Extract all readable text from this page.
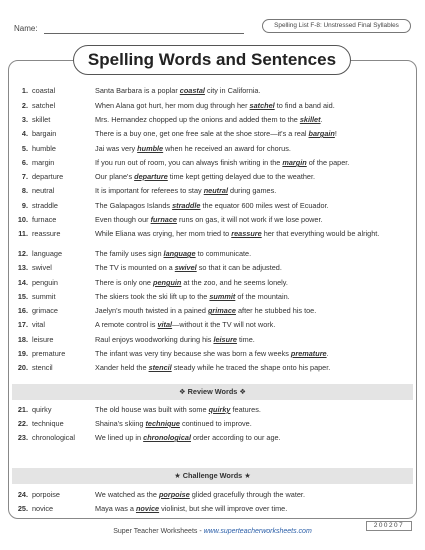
Name:	Spelling List F-8: Unstressed Final Syllables
Spelling Words and Sentences
1. coastal	Santa Barbara is a poplar coastal city in California.
2. satchel	When Alana got hurt, her mom dug through her satchel to find a band aid.
3. skillet	Mrs. Hernandez chopped up the onions and added them to the skillet.
4. bargain	There is a buy one, get one free sale at the shoe store—it's a real bargain!
5. humble	Jai was very humble when he received an award for chorus.
6. margin	If you run out of room, you can always finish writing in the margin of the paper.
7. departure	Our plane's departure time kept getting delayed due to the weather.
8. neutral	It is important for referees to stay neutral during games.
9. straddle	The Galapagos Islands straddle the equator 600 miles west of Ecuador.
10. furnace	Even though our furnace runs on gas, it will not work if we lose power.
11. reassure	While Eliana was crying, her mom tried to reassure her that everything would be alright.
12. language	The family uses sign language to communicate.
13. swivel	The TV is mounted on a swivel so that it can be adjusted.
14. penguin	There is only one penguin at the zoo, and he seems lonely.
15. summit	The skiers took the ski lift up to the summit of the mountain.
16. grimace	Jaelyn's mouth twisted in a pained grimace after he stubbed his toe.
17. vital	A remote control is vital—without it the TV will not work.
18. leisure	Raul enjoys woodworking during his leisure time.
19. premature	The infant was very tiny because she was born a few weeks premature.
20. stencil	Xander held the stencil steady while he traced the shape onto his paper.
21. quirky	The old house was built with some quirky features.
22. technique	Shaina's skiing technique continued to improve.
23. chronological	We lined up in chronological order according to our age.
24. porpoise	We watched as the porpoise glided gracefully through the water.
25. novice	Maya was a novice violinist, but she will improve over time.
❖ Review Words ❖
★ Challenge Words ★
Super Teacher Worksheets - www.superteacherworksheets.com
200207
